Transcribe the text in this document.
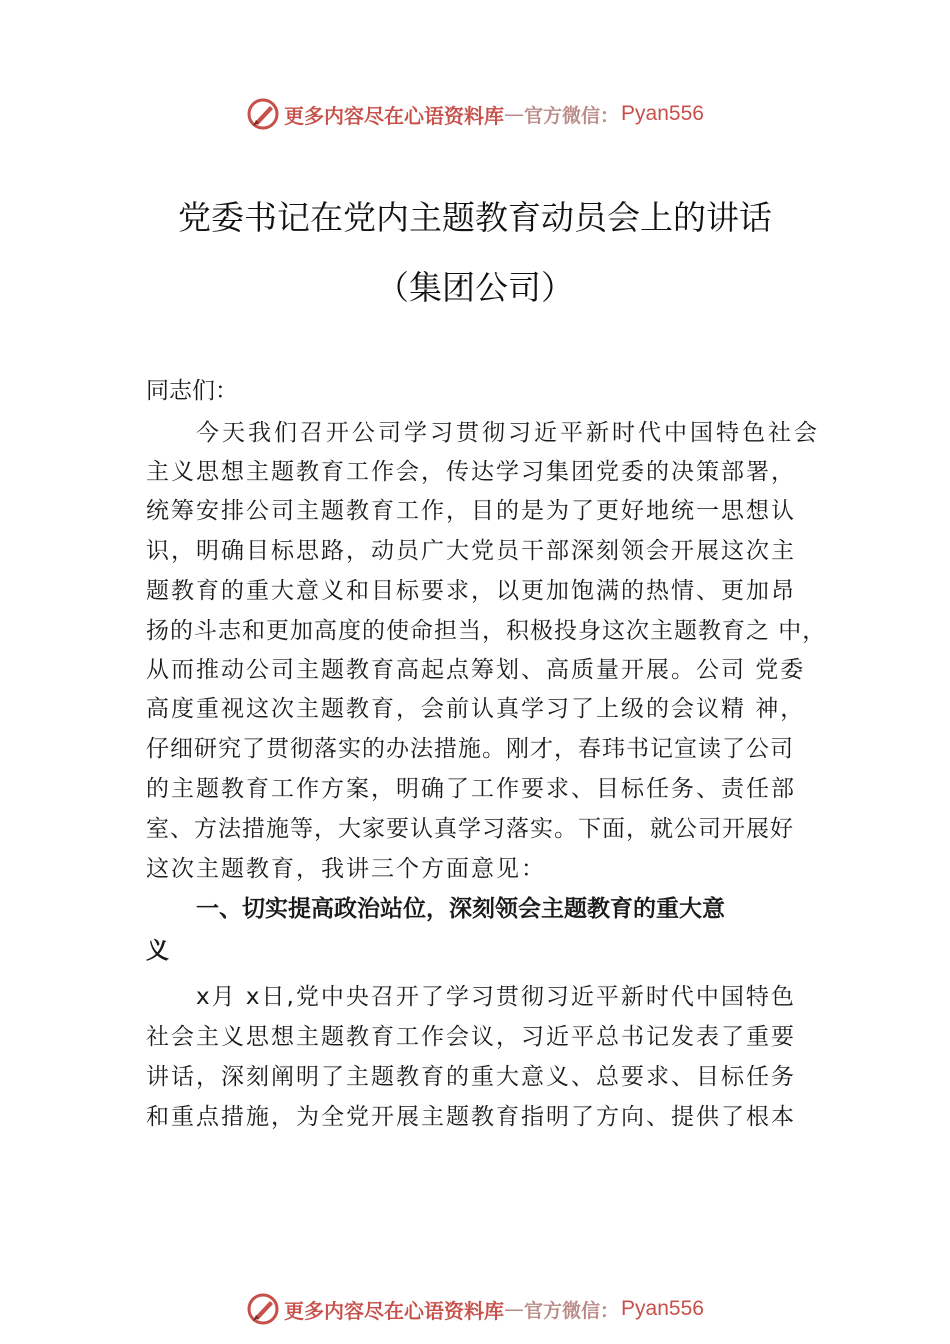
更多内容尽在心语资料库 — 官方微信： Pyan556
党委书记在党内主题教育动员会上的讲话
（集团公司）
同志们：
今天我们召开公司学习贯彻习近平新时代中国特色社会
主义思想主题教育工作会，传达学习集团党委的决策部署，
统筹安排公司主题教育工作，目的是为了更好地统一思想认
识，明确目标思路，动员广大党员干部深刻领会开展这次主
题教育的重大意义和目标要求，以更加饱满的热情、更加昂
扬的斗志和更加高度的使命担当，积极投身这次主题教育之 中，
从而推动公司主题教育高起点筹划、高质量开展。公司 党委
高度重视这次主题教育，会前认真学习了上级的会议精 神，
仔细研究了贯彻落实的办法措施。刚才，春玮书记宣读了公司
的主题教育工作方案，明确了工作要求、目标任务、责任部
室、方法措施等，大家要认真学习落实。下面，就公司开展好
这次主题教育，我讲三个方面意见：
一、切实提高政治站位，深刻领会主题教育的重大意
义
x月 x日,党中央召开了学习贯彻习近平新时代中国特色
社会主义思想主题教育工作会议，习近平总书记发表了重要
讲话，深刻阐明了主题教育的重大意义、总要求、目标任务
和重点措施，为全党开展主题教育指明了方向、提供了根本
更多内容尽在心语资料库 — 官方微信： Pyan556
